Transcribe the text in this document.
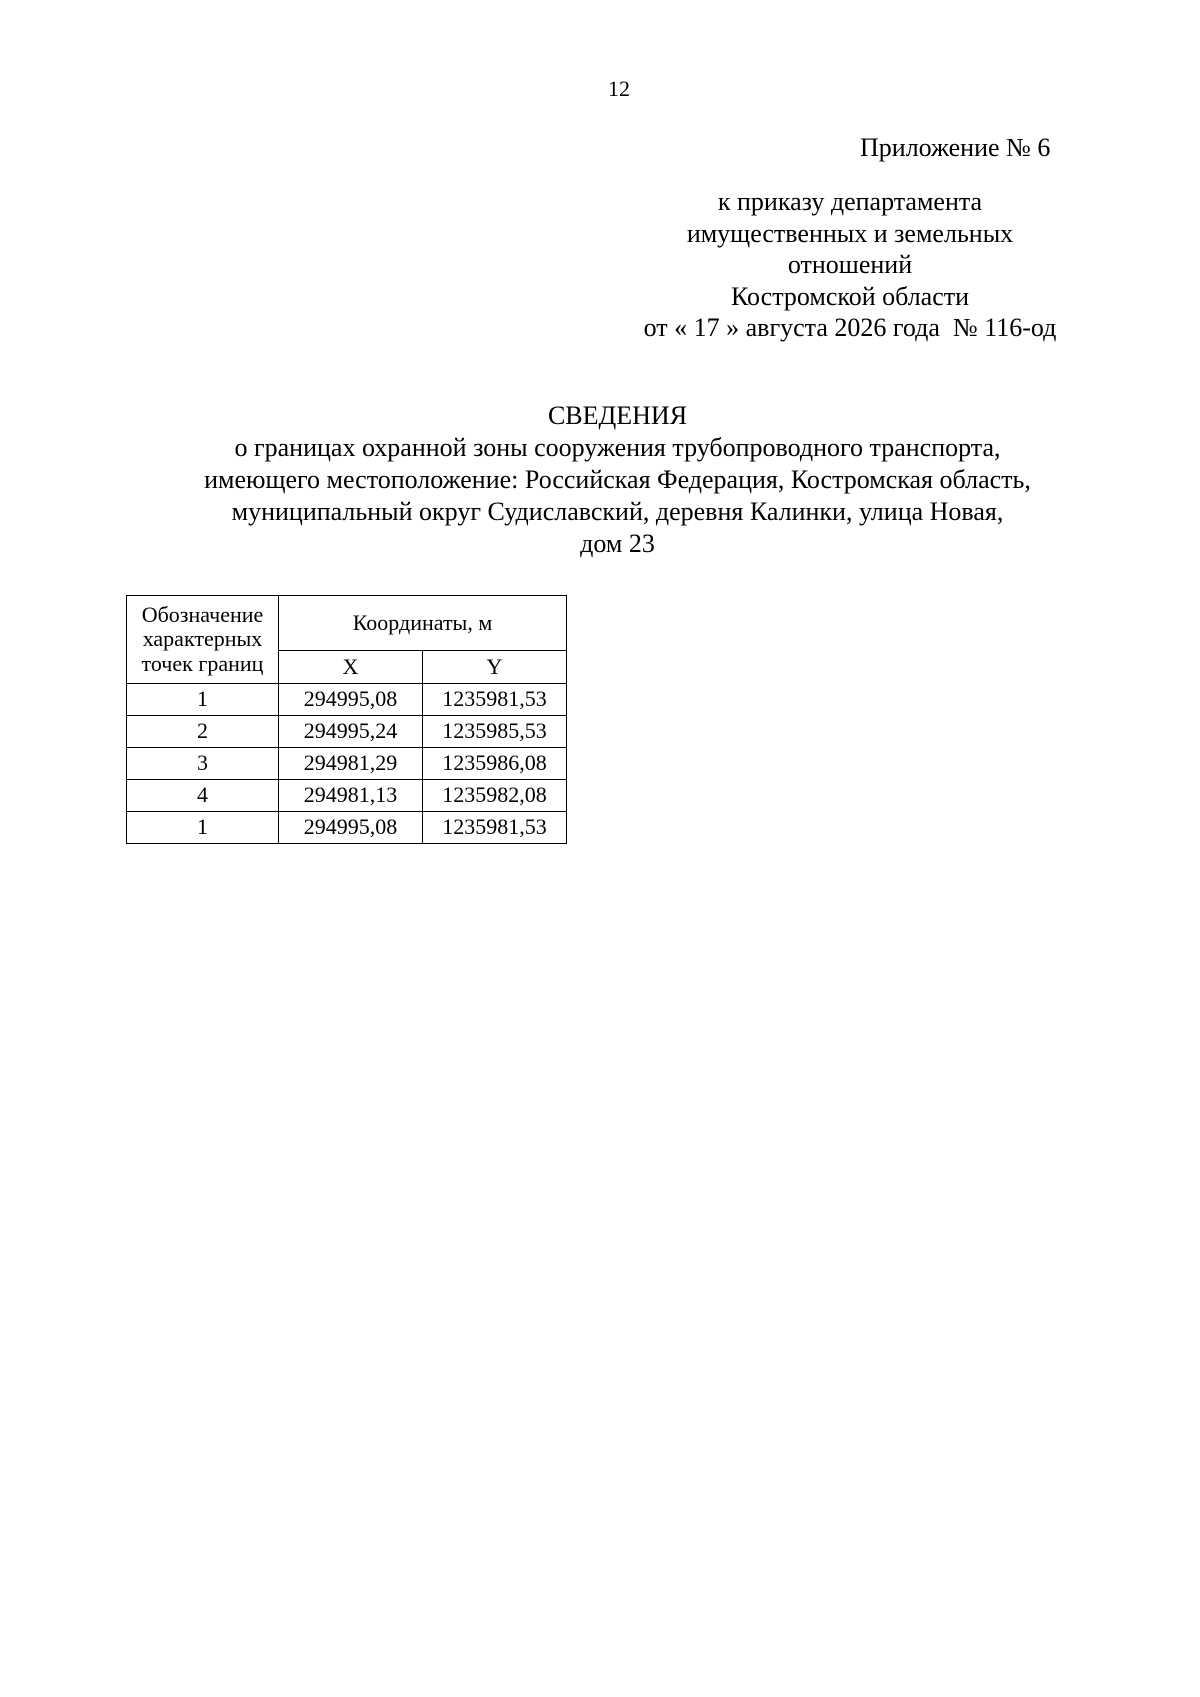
12
Приложение № 6
к приказу департамента
имущественных и земельных
отношений
Костромской области
от « 17 » августа 2026 года  № 116-од
СВЕДЕНИЯ
о границах охранной зоны сооружения трубопроводного транспорта,
имеющего местоположение: Российская Федерация, Костромская область,
муниципальный округ Судиславский, деревня Калинки, улица Новая,
дом 23
Обозначение
характерных
точек границ	Координаты, м	
	X	Y
1	294995,08	1235981,53
2	294995,24	1235985,53
3	294981,29	1235986,08
4	294981,13	1235982,08
1	294995,08	1235981,53
